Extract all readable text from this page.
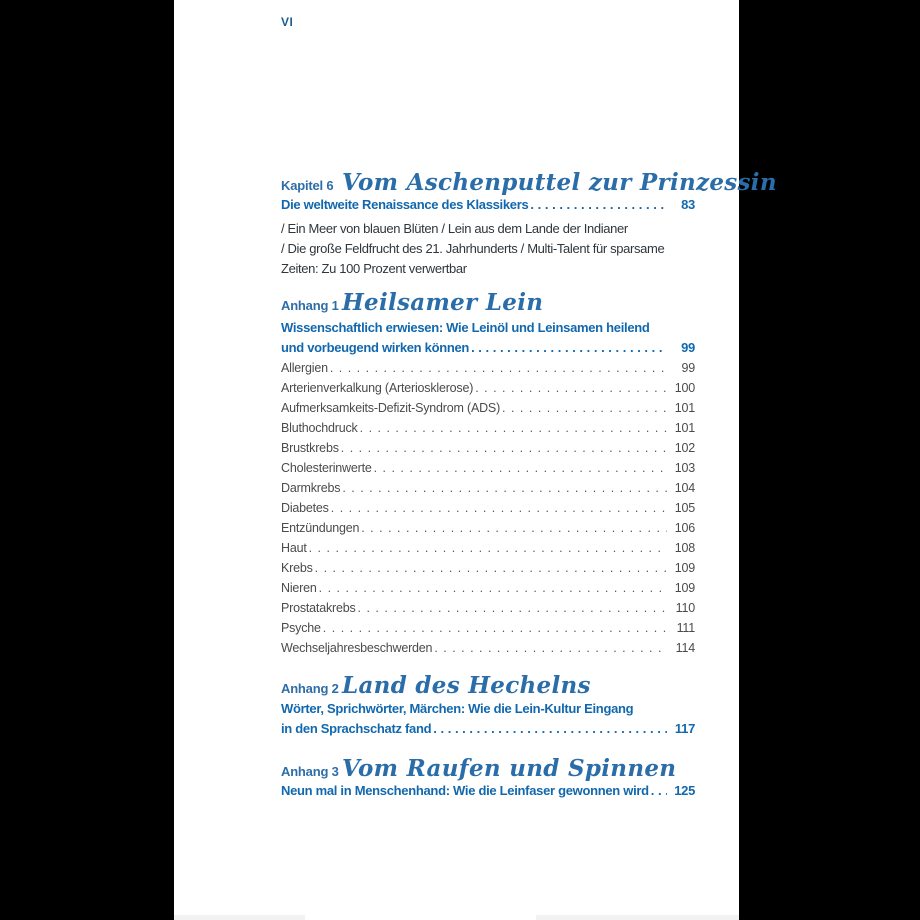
VI
Kapitel 6 Vom Aschenputtel zur Prinzessin
Die weltweite Renaissance des Klassikers . . .	83
/ Ein Meer von blauen Blüten / Lein aus dem Lande der Indianer
/ Die große Feldfrucht des 21. Jahrhunderts / Multi-Talent für sparsame
Zeiten: Zu 100 Prozent verwertbar
Anhang 1 Heilsamer Lein
Wissenschaftlich erwiesen: Wie Leinöl und Leinsamen heilend
und vorbeugend wirken können . . .	99
Allergien . . .	99
Arterienverkalkung (Arteriosklerose) . . .	100
Aufmerksamkeits-Defizit-Syndrom (ADS) . . .	101
Bluthochdruck . . .	101
Brustkrebs . . .	102
Cholesterinwerte . . .	103
Darmkrebs . . .	104
Diabetes . . .	105
Entzündungen . . .	106
Haut . . .	108
Krebs . . .	109
Nieren . . .	109
Prostatakrebs . . .	110
Psyche . . .	111
Wechseljahresbeschwerden . . .	114
Anhang 2 Land des Hechelns
Wörter, Sprichwörter, Märchen: Wie die Lein-Kultur Eingang
in den Sprachschatz fand . . .	117
Anhang 3 Vom Raufen und Spinnen
Neun mal in Menschenhand: Wie die Leinfaser gewonnen wird . . . 125
